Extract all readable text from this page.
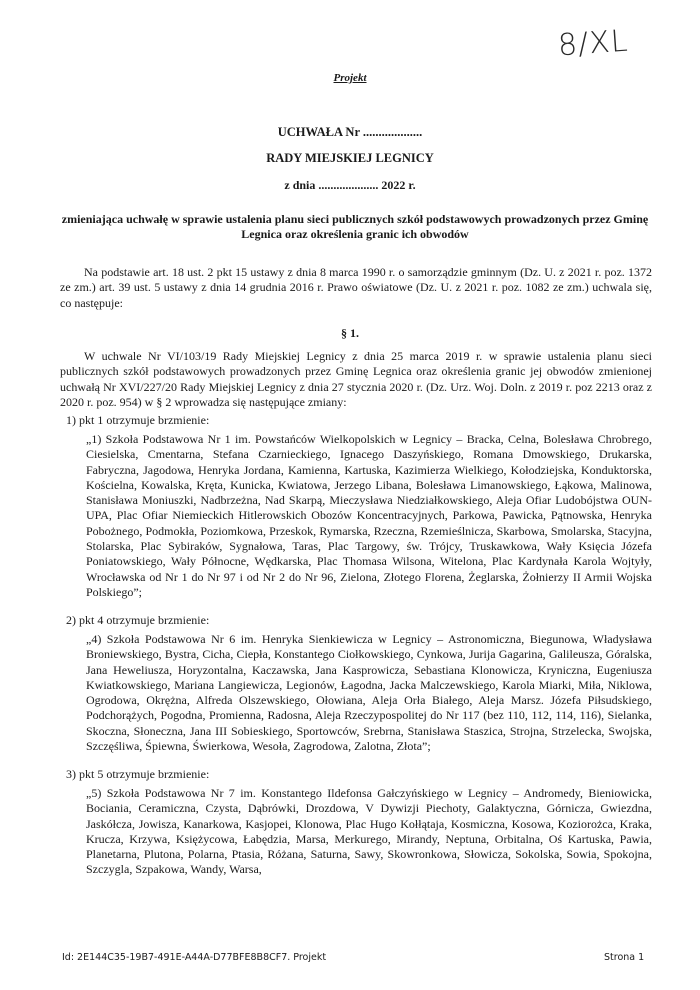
8/XL
Projekt
UCHWAŁA Nr ...................
RADY MIEJSKIEJ LEGNICY
z dnia .................... 2022 r.
zmieniająca uchwałę w sprawie ustalenia planu sieci publicznych szkół podstawowych prowadzonych przez Gminę Legnica oraz określenia granic ich obwodów
Na podstawie art. 18 ust. 2 pkt 15 ustawy z dnia 8 marca 1990 r. o samorządzie gminnym (Dz. U. z 2021 r. poz. 1372 ze zm.) art. 39 ust. 5 ustawy z dnia 14 grudnia 2016 r. Prawo oświatowe (Dz. U. z 2021 r. poz. 1082 ze zm.) uchwala się, co następuje:
§ 1.
W uchwale Nr VI/103/19 Rady Miejskiej Legnicy z dnia 25 marca 2019 r. w sprawie ustalenia planu sieci publicznych szkół podstawowych prowadzonych przez Gminę Legnica oraz określenia granic jej obwodów zmienionej uchwałą Nr XVI/227/20 Rady Miejskiej Legnicy z dnia 27 stycznia 2020 r. (Dz. Urz. Woj. Doln. z 2019 r. poz 2213 oraz z 2020 r. poz. 954) w § 2 wprowadza się następujące zmiany:
1) pkt 1 otrzymuje brzmienie:
„1) Szkoła Podstawowa Nr 1 im. Powstańców Wielkopolskich w Legnicy – Bracka, Celna, Bolesława Chrobrego, Ciesielska, Cmentarna, Stefana Czarnieckiego, Ignacego Daszyńskiego, Romana Dmowskiego, Drukarska, Fabryczna, Jagodowa, Henryka Jordana, Kamienna, Kartuska, Kazimierza Wielkiego, Kołodziejska, Konduktorska, Kościelna, Kowalska, Kręta, Kunicka, Kwiatowa, Jerzego Libana, Bolesława Limanowskiego, Łąkowa, Malinowa, Stanisława Moniuszki, Nadbrzeżna, Nad Skarpą, Mieczysława Niedziałkowskiego, Aleja Ofiar Ludobójstwa OUN-UPA, Plac Ofiar Niemieckich Hitlerowskich Obozów Koncentracyjnych, Parkowa, Pawicka, Pątnowska, Henryka Pobożnego, Podmokła, Poziomkowa, Przeskok, Rymarska, Rzeczna, Rzemieślnicza, Skarbowa, Smolarska, Stacyjna, Stolarska, Plac Sybiraków, Sygnałowa, Taras, Plac Targowy, św. Trójcy, Truskawkowa, Wały Księcia Józefa Poniatowskiego, Wały Północne, Wędkarska, Plac Thomasa Wilsona, Witelona, Plac Kardynała Karola Wojtyły, Wrocławska od Nr 1 do Nr 97 i od Nr 2 do Nr 96, Zielona, Złotego Florena, Żeglarska, Żołnierzy II Armii Wojska Polskiego”;
2) pkt 4 otrzymuje brzmienie:
„4) Szkoła Podstawowa Nr 6 im. Henryka Sienkiewicza w Legnicy – Astronomiczna, Biegunowa, Władysława Broniewskiego, Bystra, Cicha, Ciepła, Konstantego Ciołkowskiego, Cynkowa, Jurija Gagarina, Galileusza, Góralska, Jana Heweliusza, Horyzontalna, Kaczawska, Jana Kasprowicza, Sebastiana Klonowicza, Kryniczna, Eugeniusza Kwiatkowskiego, Mariana Langiewicza, Legionów, Łagodna, Jacka Malczewskiego, Karola Miarki, Miła, Niklowa, Ogrodowa, Okrężna, Alfreda Olszewskiego, Ołowiana, Aleja Orła Białego, Aleja Marsz. Józefa Piłsudskiego, Podchorążych, Pogodna, Promienna, Radosna, Aleja Rzeczypospolitej do Nr 117 (bez 110, 112, 114, 116), Sielanka, Skoczna, Słoneczna, Jana III Sobieskiego, Sportowców, Srebrna, Stanisława Staszica, Strojna, Strzelecka, Swojska, Szczęśliwa, Śpiewna, Świerkowa, Wesoła, Zagrodowa, Zalotna, Złota”;
3) pkt 5 otrzymuje brzmienie:
„5) Szkoła Podstawowa Nr 7 im. Konstantego Ildefonsa Gałczyńskiego w Legnicy – Andromedy, Bieniowicka, Bociania, Ceramiczna, Czysta, Dąbrówki, Drozdowa, V Dywizji Piechoty, Galaktyczna, Górnicza, Gwiezdna, Jaskółcza, Jowisza, Kanarkowa, Kasjopei, Klonowa, Plac Hugo Kołłątaja, Kosmiczna, Kosowa, Koziorożca, Kraka, Krucza, Krzywa, Księżycowa, Łabędzia, Marsa, Merkurego, Mirandy, Neptuna, Orbitalna, Oś Kartuska, Pawia, Planetarna, Plutona, Polarna, Ptasia, Różana, Saturna, Sawy, Skowronkowa, Słowicza, Sokolska, Sowia, Spokojna, Szczygla, Szpakowa, Wandy, Warsa,
Id: 2E144C35-19B7-491E-A44A-D77BFE8B8CF7. Projekt	Strona 1
